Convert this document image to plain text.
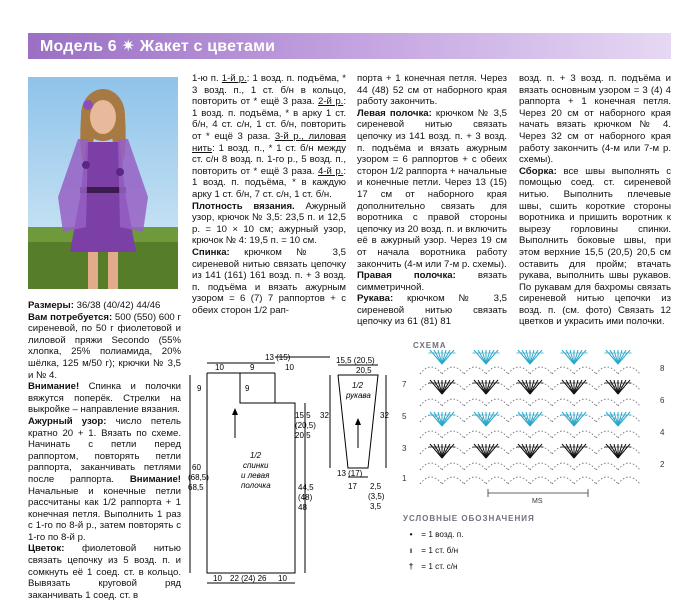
Модель 6 ✷ Жакет с цветами

Размеры: 36/38 (40/42) 44/46

Вам потребуется: 500 (550) 600 г сиреневой, по 50 г фиолетовой и лиловой пряжи Secondo (55% хлопка, 25% полиамида, 20% шёлка, 125 м/50 г); крючки № 3,5 и № 4.

Внимание! Спинка и полочки вяжутся поперёк. Стрелки на выкройке – направление вязания.

Ажурный узор: число петель кратно 20 + 1. Вязать по схеме. Начинать с петли перед раппортом, повторять петли раппорта, заканчивать петлями после раппорта. Внимание! Начальные и конечные петли рассчитаны как 1/2 раппорта + 1 конечная петля. Выполнить 1 раз с 1-го по 8-й р., затем повторять с 1-го по 8-й р.

Цветок: фиолетовой нитью связать цепочку из 5 возд. п. и сомкнуть её 1 соед. ст. в кольцо. Вывязать круговой ряд заканчивать 1 соед. ст. в

1-ю п. 1-й р.: 1 возд. п. подъёма, * 3 возд. п., 1 ст. б/н в кольцо, повторить от * ещё 3 раза. 2-й р.: 1 возд. п. подъёма, * в арку 1 ст. б/н, 4 ст. с/н, 1 ст. б/н, повторить от * ещё 3 раза. 3-й р., лиловая нить: 1 возд. п., * 1 ст. б/н между ст. с/н 8 возд. п. 1-го р., 5 возд. п., повторить от * ещё 3 раза. 4-й р.: 1 возд. п. подъёма, * в каждую арку 1 ст. б/н, 7 ст. с/н, 1 ст. б/н.

Плотность вязания. Ажурный узор, крючок № 3,5: 23,5 п. и 12,5 р. = 10 × 10 см; ажурный узор, крючок № 4: 19,5 п. = 10 см.

Спинка: крючком № 3,5 сиреневой нитью связать цепочку из 141 (161) 161 возд. п. + 3 возд. п. подъёма и вязать ажурным узором = 6 (7) 7 раппортов + с обеих сторон 1/2 рап-

порта + 1 конечная петля. Через 44 (48) 52 см от наборного края работу закончить.

Левая полочка: крючком № 3,5 сиреневой нитью связать цепочку из 141 возд. п. + 3 возд. п. подъёма и вязать ажурным узором = 6 раппортов + с обеих сторон 1/2 раппорта + начальные и конечные петли. Через 13 (15) 17 см от наборного края дополнительно связать для воротника с правой стороны цепочку из 20 возд. п. и включить её в ажурный узор. Через 19 см от начала воротника работу закончить (4-м или 7-м р. схемы).

Правая полочка: вязать симметричной.

Рукава: крючком № 3,5 сиреневой нитью связать цепочку из 61 (81) 81

возд. п. + 3 возд. п. подъёма и вязать основным узором = 3 (4) 4 раппорта + 1 конечная петля. Через 20 см от наборного края начать вязать крючком № 4. Через 32 см от наборного края работу закончить (4-м или 7-м р. схемы).

Сборка: все швы выполнять с помощью соед. ст. сиреневой нитью. Выполнить плечевые швы, сшить короткие стороны воротника и пришить воротник к вырезу горловины спинки. Выполнить боковые швы, при этом верхние 15,5 (20,5) 20,5 см оставить для пройм; втачать рукава, выполнить швы рукавов. По рукавам для бахромы связать сиреневой нитью цепочки из возд. п. (см. фото) Связать 12 цветков и украсить ими полочки.

10	9	10
13 (15)
9	9
15,5
(20,5)
20,5
60
(68,5)
68,5	44,5
(48)
48
1/2
спинки
и левая
полочка
10 22 (24) 26 10
15,5 (20,5)
20,5
32	32
1/2
рукава
13 (17)
17 2,5
(3,5)
3,5
СХЕМА
7
5
3
1
8
6
4
2
MS
УСЛОВНЫЕ ОБОЗНАЧЕНИЯ
• = 1 возд. п.
ı = 1 ст. б/н
† = 1 ст. с/н
